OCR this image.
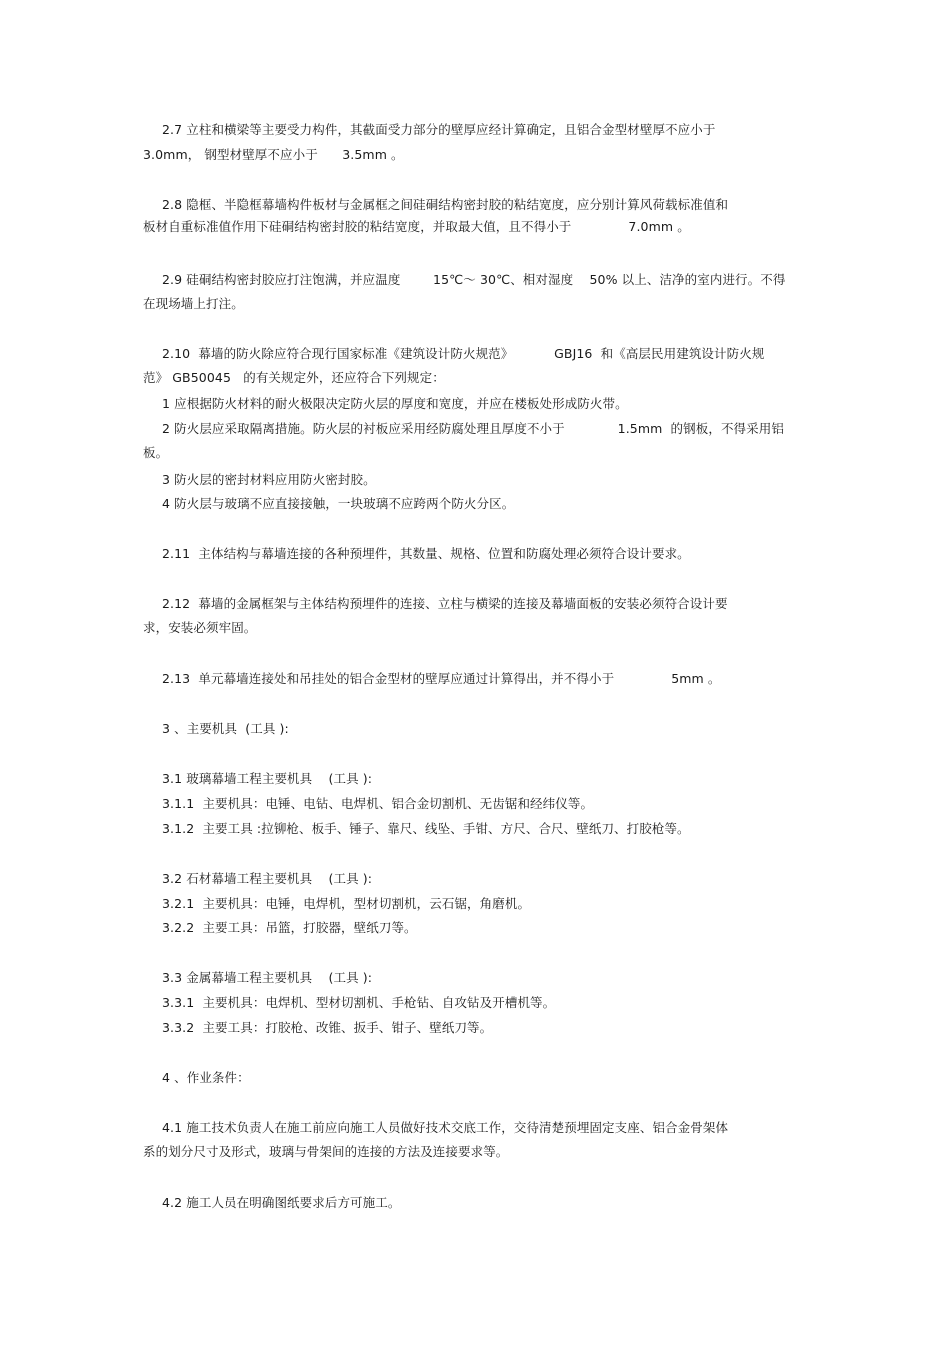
2.7 立柱和横梁等主要受力构件，其截面受力部分的壁厚应经计算确定，且铝合金型材壁厚不应小于
3.0mm， 钢型材壁厚不应小于      3.5mm 。
2.8 隐框、半隐框幕墙构件板材与金属框之间硅硐结构密封胶的粘结宽度，应分别计算风荷载标准值和
板材自重标准值作用下硅硐结构密封胶的粘结宽度，并取最大值，且不得小于              7.0mm 。
2.9 硅硐结构密封胶应打注饱满，并应温度        15℃～ 30℃、相对湿度    50% 以上、洁净的室内进行。不得
在现场墙上打注。
2.10  幕墙的防火除应符合现行国家标准《建筑设计防火规范》          GBJ16  和《高层民用建筑设计防火规
范》 GB50045   的有关规定外，还应符合下列规定：
1 应根据防火材料的耐火极限决定防火层的厚度和宽度，并应在楼板处形成防火带。
2 防火层应采取隔离措施。防火层的衬板应采用经防腐处理且厚度不小于             1.5mm  的钢板，不得采用铝
板。
3 防火层的密封材料应用防火密封胶。
4 防火层与玻璃不应直接接触，一块玻璃不应跨两个防火分区。
2.11  主体结构与幕墙连接的各种预埋件，其数量、规格、位置和防腐处理必须符合设计要求。
2.12  幕墙的金属框架与主体结构预埋件的连接、立柱与横梁的连接及幕墙面板的安装必须符合设计要
求，安装必须牢固。
2.13  单元幕墙连接处和吊挂处的铝合金型材的壁厚应通过计算得出，并不得小于              5mm 。
3 、主要机具  (工具 ):
3.1 玻璃幕墙工程主要机具    (工具 ):
3.1.1  主要机具：电锤、电钻、电焊机、铝合金切割机、无齿锯和经纬仪等。
3.1.2  主要工具 :拉铆枪、板手、锤子、靠尺、线坠、手钳、方尺、合尺、壁纸刀、打胶枪等。
3.2 石材幕墙工程主要机具    (工具 ):
3.2.1  主要机具：电锤，电焊机，型材切割机，云石锯，角磨机。
3.2.2  主要工具：吊篮，打胶器，壁纸刀等。
3.3 金属幕墙工程主要机具    (工具 ):
3.3.1  主要机具：电焊机、型材切割机、手枪钻、自攻钻及开槽机等。
3.3.2  主要工具：打胶枪、改锥、扳手、钳子、壁纸刀等。
4 、作业条件：
4.1 施工技术负责人在施工前应向施工人员做好技术交底工作，交待清楚预埋固定支座、铝合金骨架体
系的划分尺寸及形式，玻璃与骨架间的连接的方法及连接要求等。
4.2 施工人员在明确图纸要求后方可施工。
